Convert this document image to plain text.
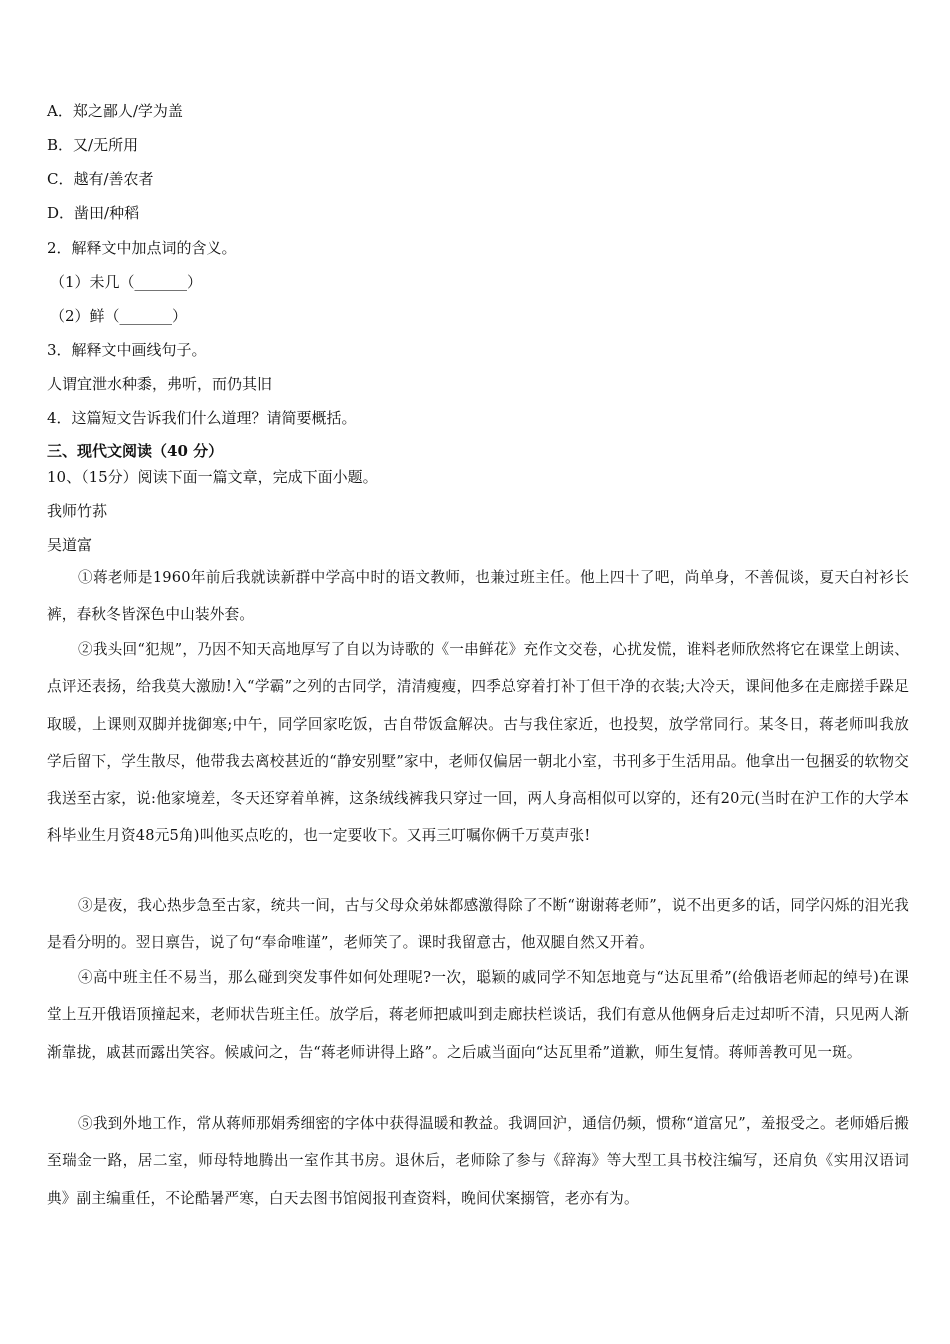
A．郑之鄙人/学为盖
B．又/无所用
C．越有/善农者
D．凿田/种稻
2．解释文中加点词的含义。
（1）未几（_______）
（2）鲜（_______）
3．解释文中画线句子。
人谓宜泄水种黍，弗听，而仍其旧
4．这篇短文告诉我们什么道理？请简要概括。
三、现代文阅读（40 分）
10、（15分）阅读下面一篇文章，完成下面小题。
我师竹荪
吴道富
①蒋老师是1960年前后我就读新群中学高中时的语文教师，也兼过班主任。他上四十了吧，尚单身，不善侃谈，夏天白衬衫长裤，春秋冬皆深色中山装外套。
②我头回“犯规”，乃因不知天高地厚写了自以为诗歌的《一串鲜花》充作文交卷，心扰发慌，谁料老师欣然将它在课堂上朗读、点评还表扬，给我莫大激励!入“学霸”之列的古同学，清清瘦瘦，四季总穿着打补丁但干净的衣装;大冷天，课间他多在走廊搓手跺足取暖，上课则双脚并拢御寒;中午，同学回家吃饭，古自带饭盒解决。古与我住家近，也投契，放学常同行。某冬日，蒋老师叫我放学后留下，学生散尽，他带我去离校甚近的“静安别墅”家中，老师仅偏居一朝北小室，书刊多于生活用品。他拿出一包捆妥的软物交我送至古家，说:他家境差，冬天还穿着单裤，这条绒线裤我只穿过一回，两人身高相似可以穿的，还有20元(当时在沪工作的大学本科毕业生月资48元5角)叫他买点吃的，也一定要收下。又再三叮嘱你俩千万莫声张!
③是夜，我心热步急至古家，统共一间，古与父母众弟妹都感激得除了不断“谢谢蒋老师”，说不出更多的话，同学闪烁的泪光我是看分明的。翌日禀告，说了句“奉命唯谨”，老师笑了。课时我留意古，他双腿自然又开着。
④高中班主任不易当，那么碰到突发事件如何处理呢?一次，聪颖的戚同学不知怎地竟与“达瓦里希”(给俄语老师起的绰号)在课堂上互开俄语顶撞起来，老师状告班主任。放学后，蒋老师把戚叫到走廊扶栏谈话，我们有意从他俩身后走过却听不清，只见两人渐渐靠拢，戚甚而露出笑容。候戚问之，告“蒋老师讲得上路”。之后戚当面向“达瓦里希”道歉，师生复情。蒋师善教可见一斑。
⑤我到外地工作，常从蒋师那娟秀细密的字体中获得温暖和教益。我调回沪，通信仍频，惯称“道富兄”，羞报受之。老师婚后搬至瑞金一路，居二室，师母特地腾出一室作其书房。退休后，老师除了参与《辞海》等大型工具书校注编写，还肩负《实用汉语词典》副主编重任，不论酷暑严寒，白天去图书馆阅报刊查资料，晚间伏案搦管，老亦有为。
